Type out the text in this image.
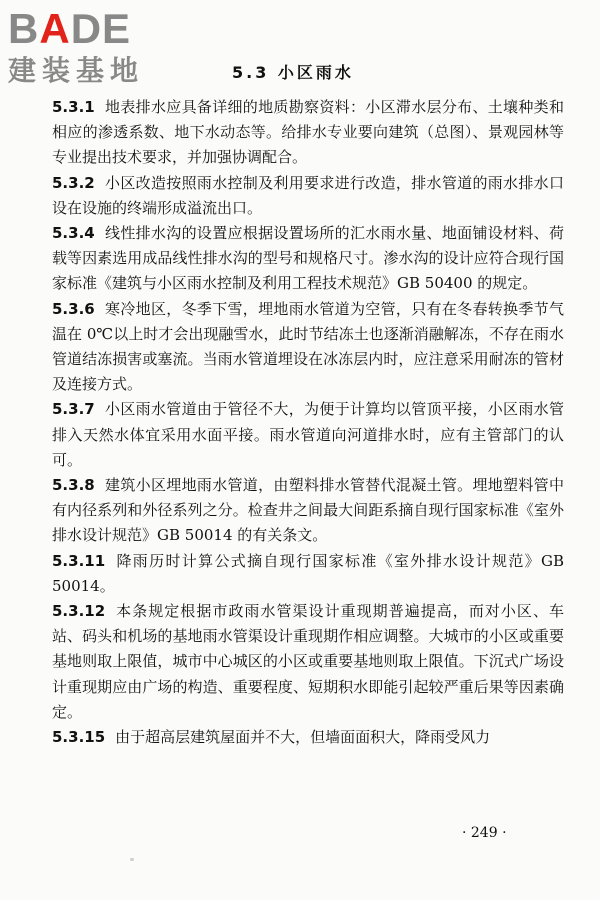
BADE
建装基地	5.3 小区雨水

5.3.1 地表排水应具备详细的地质勘察资料：小区滞水层分布、土壤种类和相应的渗透系数、地下水动态等。给排水专业要向建筑（总图）、景观园林等专业提出技术要求，并加强协调配合。

5.3.2 小区改造按照雨水控制及利用要求进行改造，排水管道的雨水排水口设在设施的终端形成溢流出口。

5.3.4 线性排水沟的设置应根据设置场所的汇水雨水量、地面铺设材料、荷载等因素选用成品线性排水沟的型号和规格尺寸。渗水沟的设计应符合现行国家标准《建筑与小区雨水控制及利用工程技术规范》GB 50400 的规定。

5.3.6 寒冷地区，冬季下雪，埋地雨水管道为空管，只有在冬春转换季节气温在 0℃以上时才会出现融雪水，此时节结冻土也逐渐消融解冻，不存在雨水管道结冻损害或塞流。当雨水管道埋设在冰冻层内时，应注意采用耐冻的管材及连接方式。

5.3.7 小区雨水管道由于管径不大，为便于计算均以管顶平接，小区雨水管排入天然水体宜采用水面平接。雨水管道向河道排水时，应有主管部门的认可。

5.3.8 建筑小区埋地雨水管道，由塑料排水管替代混凝土管。埋地塑料管中有内径系列和外径系列之分。检查井之间最大间距系摘自现行国家标准《室外排水设计规范》GB 50014 的有关条文。

5.3.11 降雨历时计算公式摘自现行国家标准《室外排水设计规范》GB 50014。

5.3.12 本条规定根据市政雨水管渠设计重现期普遍提高，而对小区、车站、码头和机场的基地雨水管渠设计重现期作相应调整。大城市的小区或重要基地则取上限值，城市中心城区的小区或重要基地则取上限值。下沉式广场设计重现期应由广场的构造、重要程度、短期积水即能引起较严重后果等因素确定。

5.3.15 由于超高层建筑屋面并不大，但墙面面积大，降雨受风力

· 249 ·
